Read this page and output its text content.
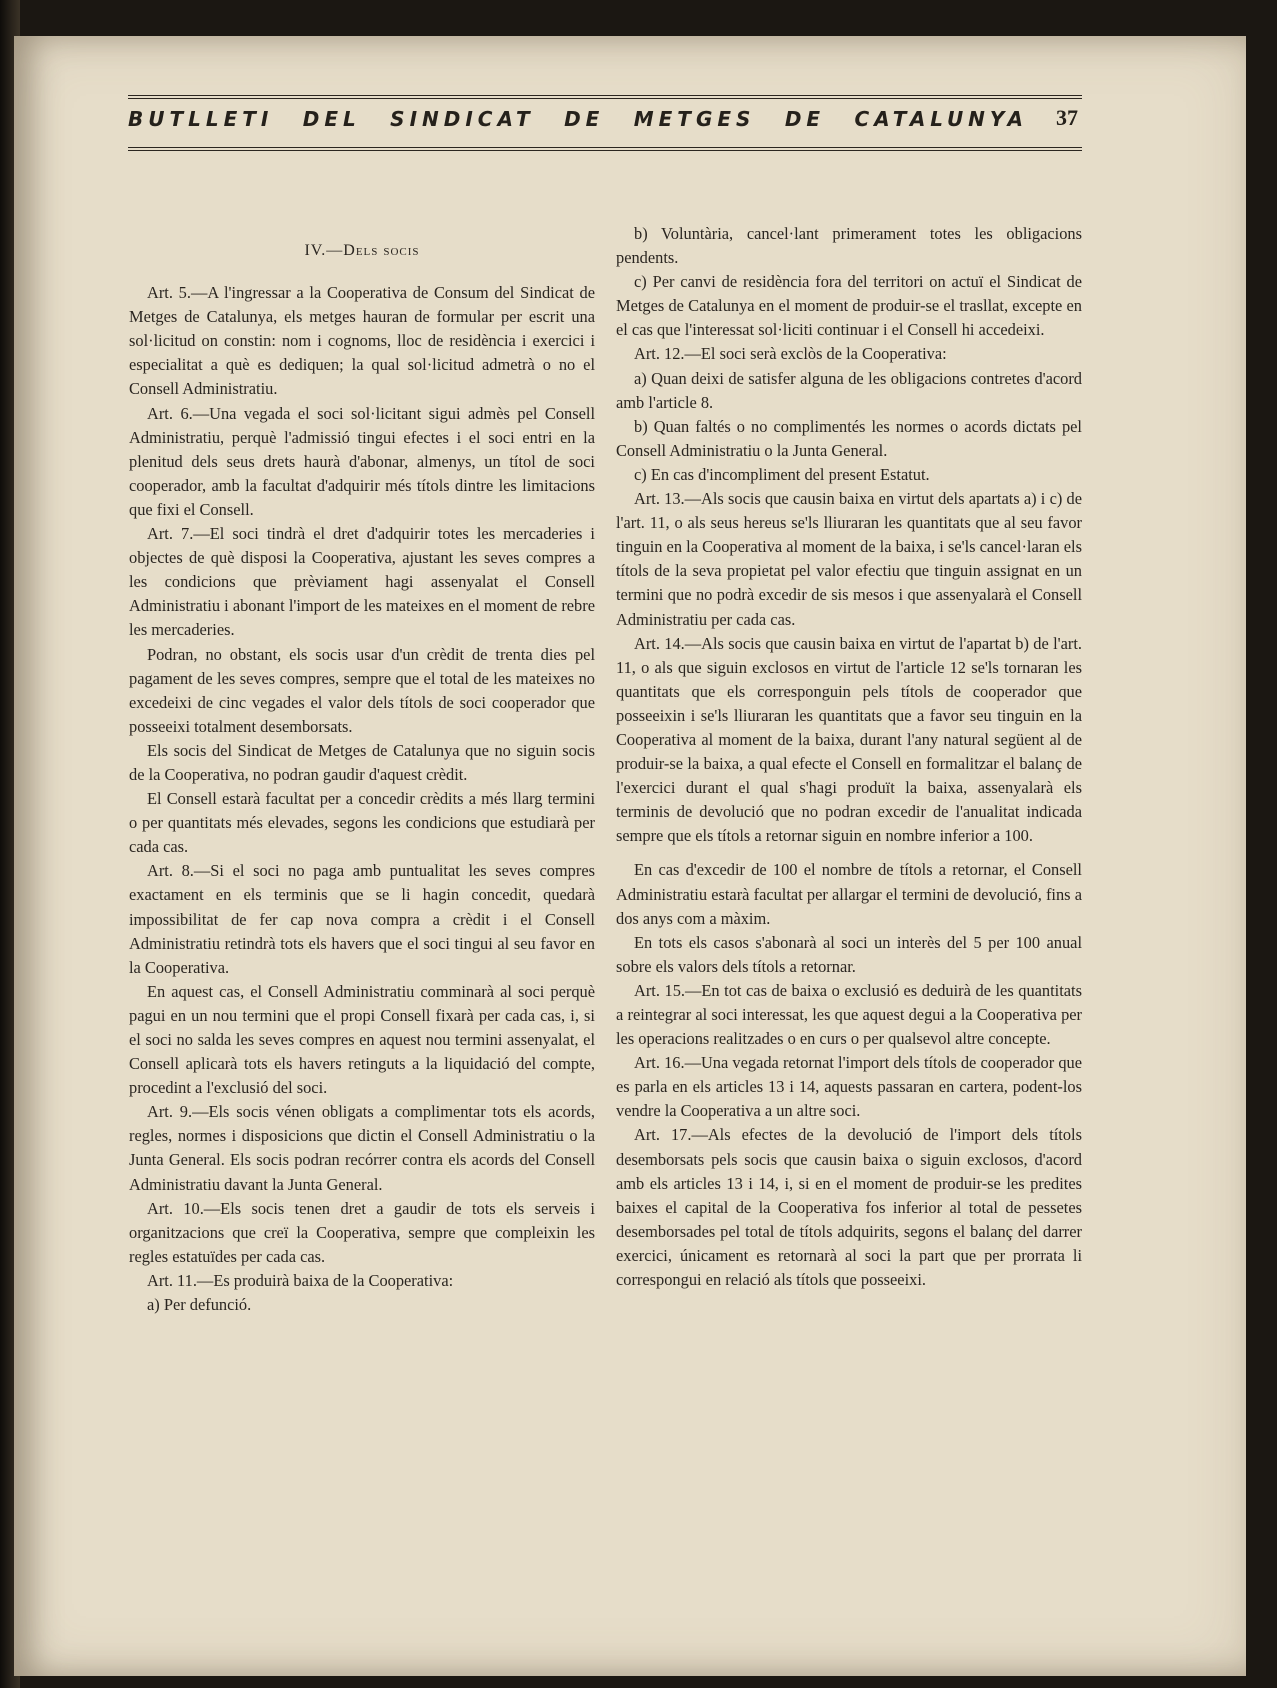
BUTLLETI DEL SINDICAT DE METGES DE CATALUNYA 37
IV.—Dels socis

Art. 5.—A l'ingressar a la Cooperativa de Consum del Sindicat de Metges de Catalunya, els metges hauran de formular per escrit una sol·licitud on constin: nom i cognoms, lloc de residència i exercici i especialitat a què es dediquen; la qual sol·licitud admetrà o no el Consell Administratiu.

Art. 6.—Una vegada el soci sol·licitant sigui admès pel Consell Administratiu, perquè l'admissió tingui efectes i el soci entri en la plenitud dels seus drets haurà d'abonar, almenys, un títol de soci cooperador, amb la facultat d'adquirir més títols dintre les limitacions que fixi el Consell.

Art. 7.—El soci tindrà el dret d'adquirir totes les mercaderies i objectes de què disposi la Cooperativa, ajustant les seves compres a les condicions que prèviament hagi assenyalat el Consell Administratiu i abonant l'import de les mateixes en el moment de rebre les mercaderies.

Podran, no obstant, els socis usar d'un crèdit de trenta dies pel pagament de les seves compres, sempre que el total de les mateixes no excedeixi de cinc vegades el valor dels títols de soci cooperador que posseeixi totalment desemborsats.

Els socis del Sindicat de Metges de Catalunya que no siguin socis de la Cooperativa, no podran gaudir d'aquest crèdit.

El Consell estarà facultat per a concedir crèdits a més llarg termini o per quantitats més elevades, segons les condicions que estudiarà per cada cas.

Art. 8.—Si el soci no paga amb puntualitat les seves compres exactament en els terminis que se li hagin concedit, quedarà impossibilitat de fer cap nova compra a crèdit i el Consell Administratiu retindrà tots els havers que el soci tingui al seu favor en la Cooperativa.

En aquest cas, el Consell Administratiu comminarà al soci perquè pagui en un nou termini que el propi Consell fixarà per cada cas, i, si el soci no salda les seves compres en aquest nou termini assenyalat, el Consell aplicarà tots els havers retinguts a la liquidació del compte, procedint a l'exclusió del soci.

Art. 9.—Els socis vénen obligats a complimentar tots els acords, regles, normes i disposicions que dictin el Consell Administratiu o la Junta General. Els socis podran recórrer contra els acords del Consell Administratiu davant la Junta General.

Art. 10.—Els socis tenen dret a gaudir de tots els serveis i organitzacions que creï la Cooperativa, sempre que compleixin les regles estatuïdes per cada cas.

Art. 11.—Es produirà baixa de la Cooperativa:

a) Per defunció.

b) Voluntària, cancel·lant primerament totes les obligacions pendents.

c) Per canvi de residència fora del territori on actuï el Sindicat de Metges de Catalunya en el moment de produir-se el trasllat, excepte en el cas que l'interessat sol·liciti continuar i el Consell hi accedeixi.

Art. 12.—El soci serà exclòs de la Cooperativa:

a) Quan deixi de satisfer alguna de les obligacions contretes d'acord amb l'article 8.

b) Quan faltés o no complimentés les normes o acords dictats pel Consell Administratiu o la Junta General.

c) En cas d'incompliment del present Estatut.

Art. 13.—Als socis que causin baixa en virtut dels apartats a) i c) de l'art. 11, o als seus hereus se'ls lliuraran les quantitats que al seu favor tinguin en la Cooperativa al moment de la baixa, i se'ls cancel·laran els títols de la seva propietat pel valor efectiu que tinguin assignat en un termini que no podrà excedir de sis mesos i que assenyalarà el Consell Administratiu per cada cas.

Art. 14.—Als socis que causin baixa en virtut de l'apartat b) de l'art. 11, o als que siguin exclosos en virtut de l'article 12 se'ls tornaran les quantitats que els corresponguin pels títols de cooperador que posseeixin i se'ls lliuraran les quantitats que a favor seu tinguin en la Cooperativa al moment de la baixa, durant l'any natural següent al de produir-se la baixa, a qual efecte el Consell en formalitzar el balanç de l'exercici durant el qual s'hagi produït la baixa, assenyalarà els terminis de devolució que no podran excedir de l'anualitat indicada sempre que els títols a retornar siguin en nombre inferior a 100.

En cas d'excedir de 100 el nombre de títols a retornar, el Consell Administratiu estarà facultat per allargar el termini de devolució, fins a dos anys com a màxim.

En tots els casos s'abonarà al soci un interès del 5 per 100 anual sobre els valors dels títols a retornar.

Art. 15.—En tot cas de baixa o exclusió es deduirà de les quantitats a reintegrar al soci interessat, les que aquest degui a la Cooperativa per les operacions realitzades o en curs o per qualsevol altre concepte.

Art. 16.—Una vegada retornat l'import dels títols de cooperador que es parla en els articles 13 i 14, aquests passaran en cartera, podent-los vendre la Cooperativa a un altre soci.

Art. 17.—Als efectes de la devolució de l'import dels títols desemborsats pels socis que causin baixa o siguin exclosos, d'acord amb els articles 13 i 14, i, si en el moment de produir-se les predites baixes el capital de la Cooperativa fos inferior al total de pessetes desemborsades pel total de títols adquirits, segons el balanç del darrer exercici, únicament es retornarà al soci la part que per prorrata li correspongui en relació als títols que posseeixi.
